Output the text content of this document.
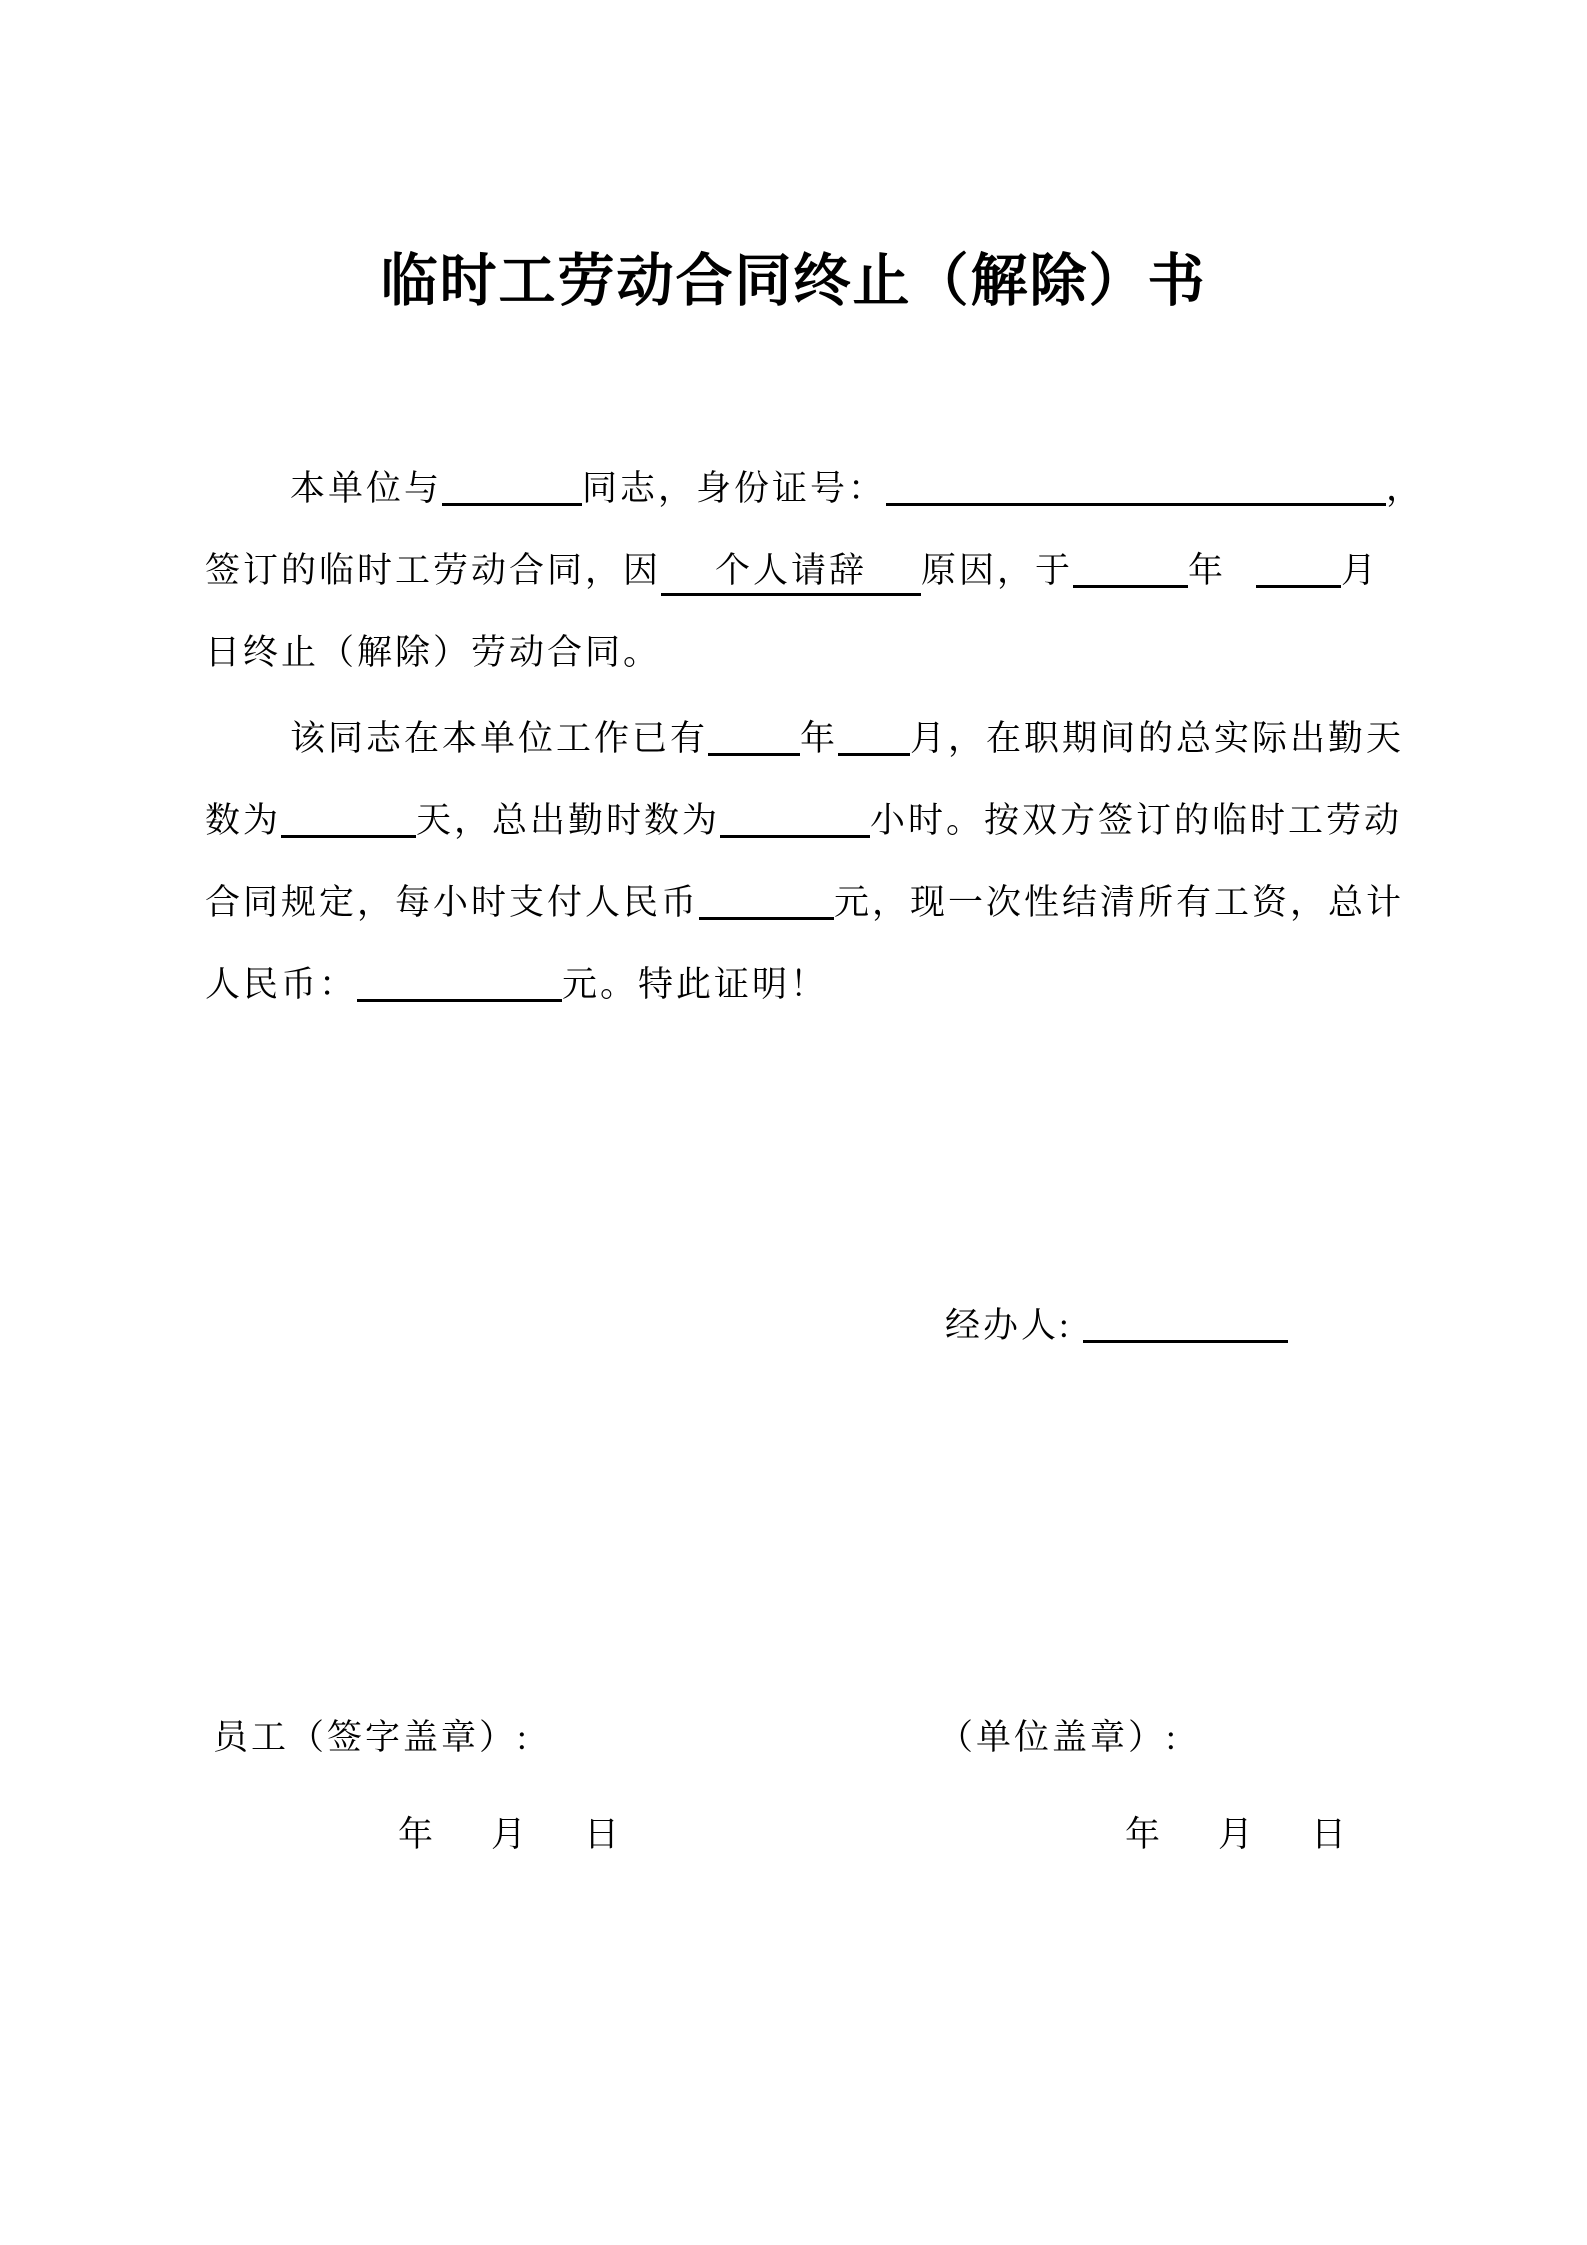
临时工劳动合同终止（解除）书
本单位与	同志，身份证号：	，
签订的临时工劳动合同，因 个人请辞 原因，于	年	月
日终止（解除）劳动合同。
该同志在本单位工作已有	年 月，在职期间的总实际出勤天
数为	天，总出勤时数为	小时。按双方签订的临时工劳动
合同规定，每小时支付人民币	元，现一次性结清所有工资，总计
人民币：	元。特此证明！
经办人:
员工（签字盖章）:	（单位盖章）:
年 月 日	年 月 日
